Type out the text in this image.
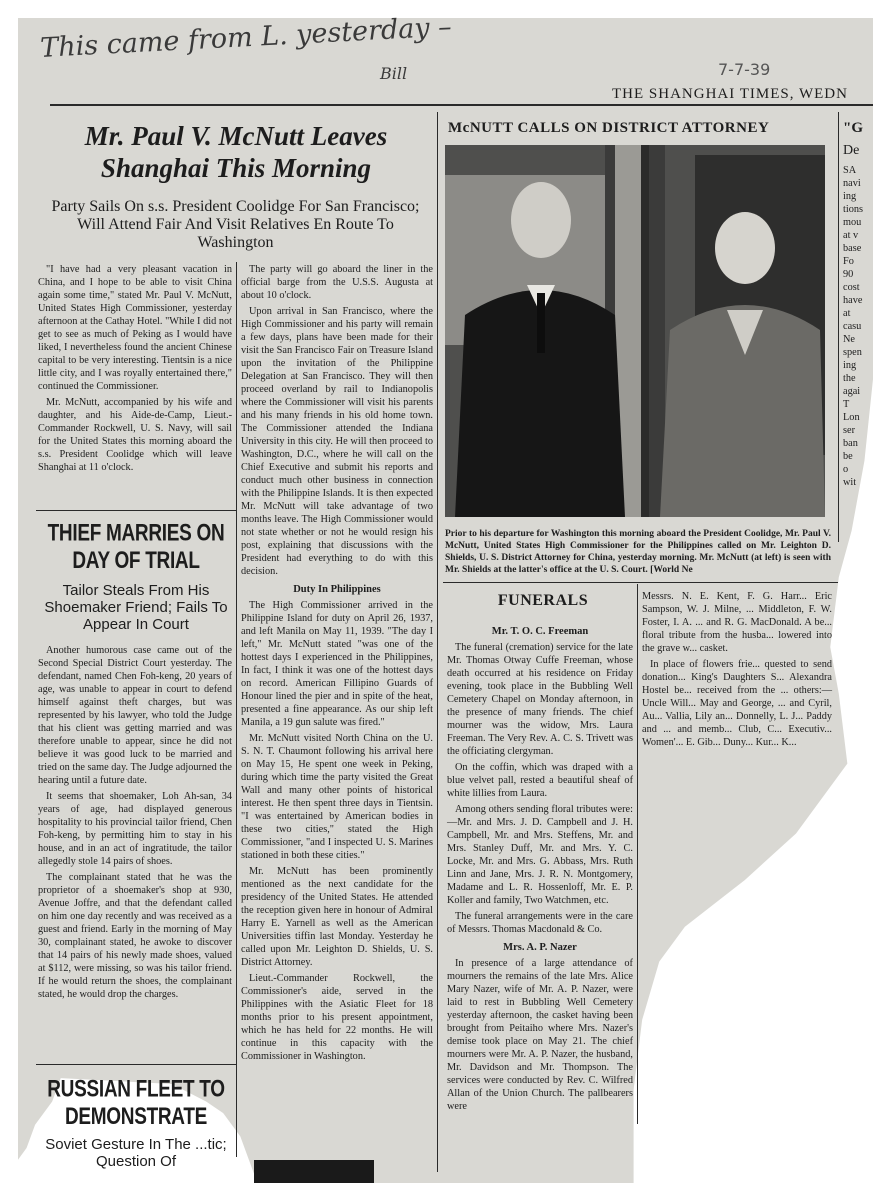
This came from L. yesterday –
Bill	7-7-39
THE SHANGHAI TIMES, WEDN
Mr. Paul V. McNutt Leaves Shanghai This Morning
Party Sails On s.s. President Coolidge For San Francisco; Will Attend Fair And Visit Relatives En Route To Washington

"I have had a very pleasant vacation in China, and I hope to be able to visit China again some time," stated Mr. Paul V. McNutt, United States High Commissioner, yesterday afternoon at the Cathay Hotel. "While I did not get to see as much of Peking as I would have liked, I nevertheless found the ancient Chinese capital to be very interesting. Tientsin is a nice little city, and I was royally entertained there," continued the Commissioner.

Mr. McNutt, accompanied by his wife and daughter, and his Aide-de-Camp, Lieut.-Commander Rockwell, U. S. Navy, will sail for the United States this morning aboard the s.s. President Coolidge which will leave Shanghai at 11 o'clock.

The party will go aboard the liner in the official barge from the U.S.S. Augusta at about 10 o'clock.

Upon arrival in San Francisco, where the High Commissioner and his party will remain a few days, plans have been made for their visit the San Francisco Fair on Treasure Island upon the invitation of the Philippine Delegation at San Francisco. They will then proceed overland by rail to Indianopolis where the Commissioner will visit his parents and his many friends in his old home town. The Commissioner attended the Indiana University in this city. He will then proceed to Washington, D.C., where he will call on the Chief Executive and submit his reports and conduct much other business in connection with the Philippine Islands. It is then expected Mr. McNutt will take advantage of two months leave. The High Commissioner would not state whether or not he would resign his post, explaining that discussions with the President had everything to do with this decision.

Duty In Philippines

The High Commissioner arrived in the Philippine Island for duty on April 26, 1937, and left Manila on May 11, 1939. "The day I left," Mr. McNutt stated "was one of the hottest days I experienced in the Philippines, In fact, I think it was one of the hottest days on record. American Fillipino Guards of Honour lined the pier and in spite of the heat, presented a fine appearance. As our ship left Manila, a 19 gun salute was fired."

Mr. McNutt visited North China on the U. S. N. T. Chaumont following his arrival here on May 15, He spent one week in Peking, during which time the party visited the Great Wall and many other points of historical interest. He then spent three days in Tientsin. "I was entertained by American bodies in these two cities," stated the High Commissioner, "and I inspected U. S. Marines stationed in both these cities."

Mr. McNutt has been prominently mentioned as the next candidate for the presidency of the United States. He attended the reception given here in honour of Admiral Harry E. Yarnell as well as the American Universities tiffin last Monday. Yesterday he called upon Mr. Leighton D. Shields, U. S. District Attorney.

Lieut.-Commander Rockwell, the Commissioner's aide, served in the Philippines with the Asiatic Fleet for 18 months prior to his present appointment, which he has held for 22 months. He will continue in this capacity with the Commissioner in Washington.

THIEF MARRIES ON DAY OF TRIAL
Tailor Steals From His Shoemaker Friend; Fails To Appear In Court

Another humorous case came out of the Second Special District Court yesterday. The defendant, named Chen Foh-keng, 20 years of age, was unable to appear in court to defend himself against theft charges, but was represented by his lawyer, who told the Judge that his client was getting married and was therefore unable to appear, since he did not believe it was good luck to be married and tried on the same day. The Judge adjourned the hearing until a future date.

It seems that shoemaker, Loh Ah-san, 34 years of age, had displayed generous hospitality to his provincial tailor friend, Chen Foh-keng, by permitting him to stay in his house, and in an act of ingratitude, the tailor allegedly stole 14 pairs of shoes.

The complainant stated that he was the proprietor of a shoemaker's shop at 930, Avenue Joffre, and that the defendant called on him one day recently and was received as a guest and friend. Early in the morning of May 30, complainant stated, he awoke to discover that 14 pairs of his newly made shoes, valued at $112, were missing, so was his tailor friend. If he would return the shoes, the complainant stated, he would drop the charges.

RUSSIAN FLEET TO DEMONSTRATE
Soviet Gesture In The ...tic; Question Of
McNUTT CALLS ON DISTRICT ATTORNEY
Prior to his departure for Washington this morning aboard the President Coolidge, Mr. Paul V. McNutt, United States High Commissioner for the Philippines called on Mr. Leighton D. Shields, U. S. District Attorney for China, yesterday morning. Mr. McNutt (at left) is seen with Mr. Shields at the latter's office at the U. S. Court. [World Ne
"G
De
SA
navi
ing
tions
mou
at v
base
Fo
90
cost
have
at
casu
Ne
spen
ing
the
agai
T
Lon
ser
ban
be
o
wit
FUNERALS
Mr. T. O. C. Freeman

The funeral (cremation) service for the late Mr. Thomas Otway Cuffe Freeman, whose death occurred at his residence on Friday evening, took place in the Bubbling Well Cemetery Chapel on Monday afternoon, in the presence of many friends. The chief mourner was the widow, Mrs. Laura Freeman. The Very Rev. A. C. S. Trivett was the officiating clergyman.

On the coffin, which was draped with a blue velvet pall, rested a beautiful sheaf of white lillies from Laura.

Among others sending floral tributes were:—Mr. and Mrs. J. D. Campbell and J. H. Campbell, Mr. and Mrs. Steffens, Mr. and Mrs. Stanley Duff, Mr. and Mrs. Y. C. Locke, Mr. and Mrs. G. Abbass, Mrs. Ruth Linn and Jane, Mrs. J. R. N. Montgomery, Madame and L. R. Hossenloff, Mr. E. P. Koller and family, Two Watchmen, etc.

The funeral arrangements were in the care of Messrs. Thomas Macdonald & Co.

Mrs. A. P. Nazer

In presence of a large attendance of mourners the remains of the late Mrs. Alice Mary Nazer, wife of Mr. A. P. Nazer, were laid to rest in Bubbling Well Cemetery yesterday afternoon, the casket having been brought from Peitaiho where Mrs. Nazer's demise took place on May 21. The chief mourners were Mr. A. P. Nazer, the husband, Mr. Davidson and Mr. Thompson. The services were conducted by Rev. C. Wilfred Allan of the Union Church. The pallbearers were

Messrs. N. E. Kent, F. G. Harr... Eric Sampson, W. J. Milne, ... Middleton, F. W. Foster, I. A. ... and R. G. MacDonald. A be... floral tribute from the husba... lowered into the grave w... casket.

In place of flowers frie... quested to send donation... King's Daughters S... Alexandra Hostel be... received from the ... others:—Uncle Will... May and George, ... and Cyril, Au... Vallia, Lily an... Donnelly, L. J... Paddy and ... and memb... Club, C... Executiv... Women'... E. Gib... Duny... Kur... K...
